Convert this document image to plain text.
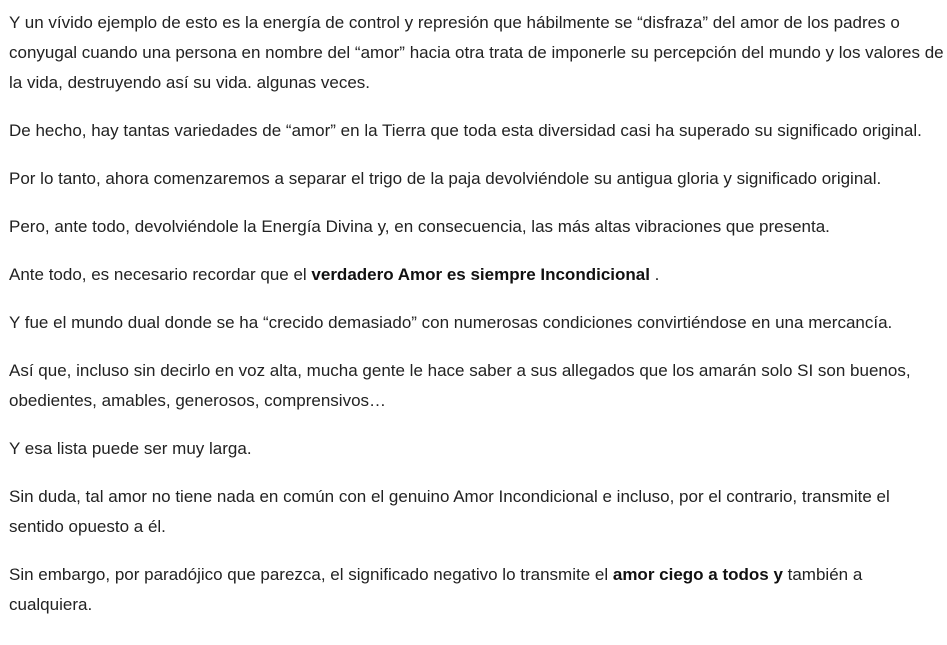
Y un vívido ejemplo de esto es la energía de control y represión que hábilmente se “disfraza” del amor de los padres o conyugal cuando una persona en nombre del “amor” hacia otra trata de imponerle su percepción del mundo y los valores de la vida, destruyendo así su vida. algunas veces.

De hecho, hay tantas variedades de “amor” en la Tierra que toda esta diversidad casi ha superado su significado original.

Por lo tanto, ahora comenzaremos a separar el trigo de la paja devolviéndole su antigua gloria y significado original.

Pero, ante todo, devolviéndole la Energía Divina y, en consecuencia, las más altas vibraciones que presenta.

Ante todo, es necesario recordar que el verdadero Amor es siempre Incondicional .

Y fue el mundo dual donde se ha “crecido demasiado” con numerosas condiciones convirtiéndose en una mercancía.

Así que, incluso sin decirlo en voz alta, mucha gente le hace saber a sus allegados que los amarán solo SI son buenos, obedientes, amables, generosos, comprensivos…

Y esa lista puede ser muy larga.

Sin duda, tal amor no tiene nada en común con el genuino Amor Incondicional e incluso, por el contrario, transmite el sentido opuesto a él.

Sin embargo, por paradójico que parezca, el significado negativo lo transmite el amor ciego a todos y también a cualquiera.
